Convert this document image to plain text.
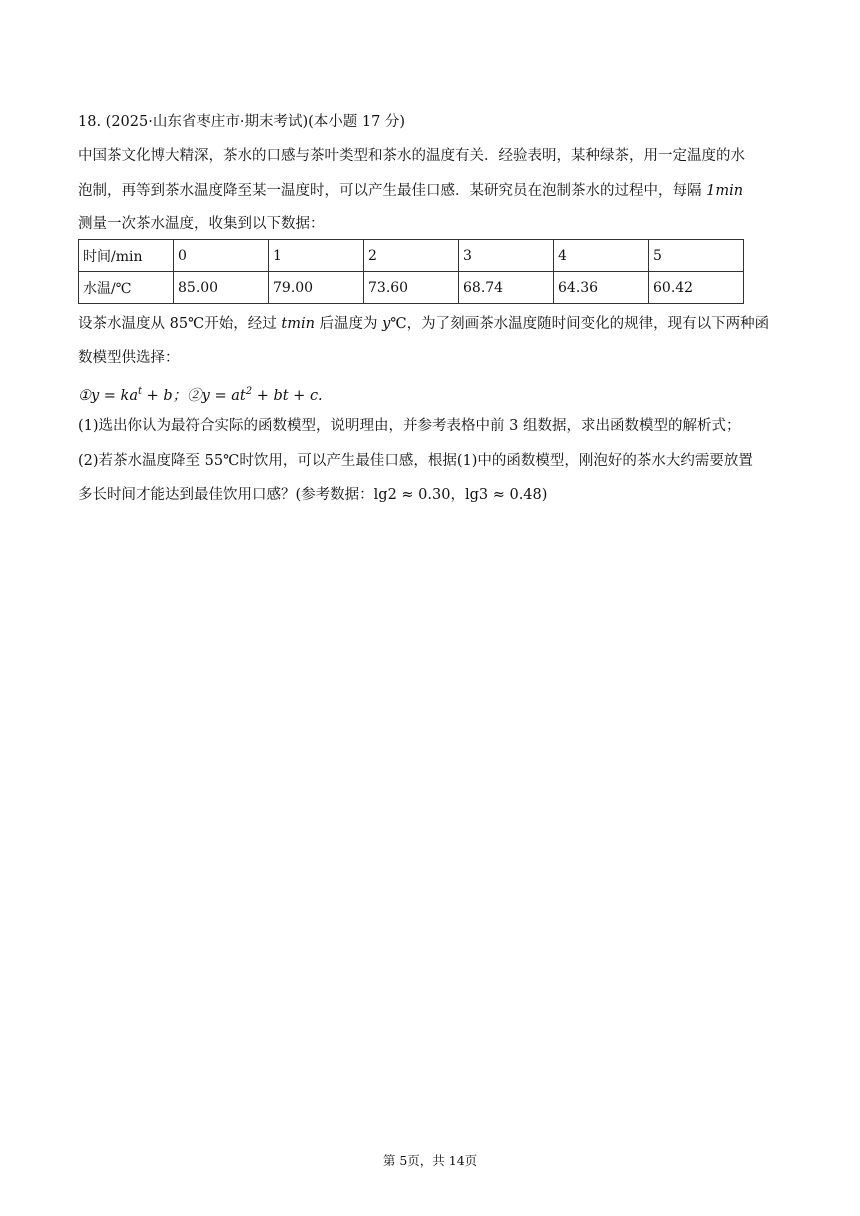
18. (2025·山东省枣庄市·期末考试)(本小题 17 分)
中国茶文化博大精深，茶水的口感与茶叶类型和茶水的温度有关．经验表明，某种绿茶，用一定温度的水
泡制，再等到茶水温度降至某一温度时，可以产生最佳口感．某研究员在泡制茶水的过程中，每隔 1min
测量一次茶水温度，收集到以下数据：
时间/min	0	1	2	3	4	5
水温/℃	85.00	79.00	73.60	68.74	64.36	60.42
设茶水温度从 85℃开始，经过 tmin 后温度为 y℃，为了刻画茶水温度随时间变化的规律，现有以下两种函
数模型供选择：
①y = $ka^t + b$；②y = $at^2$ + bt + c.
(1)选出你认为最符合实际的函数模型，说明理由，并参考表格中前 3 组数据，求出函数模型的解析式；
(2)若茶水温度降至 55℃时饮用，可以产生最佳口感，根据(1)中的函数模型，刚泡好的茶水大约需要放置
多长时间才能达到最佳饮用口感？(参考数据：lg2 ≈ 0.30，lg3 ≈ 0.48)
第 5页，共 14页
